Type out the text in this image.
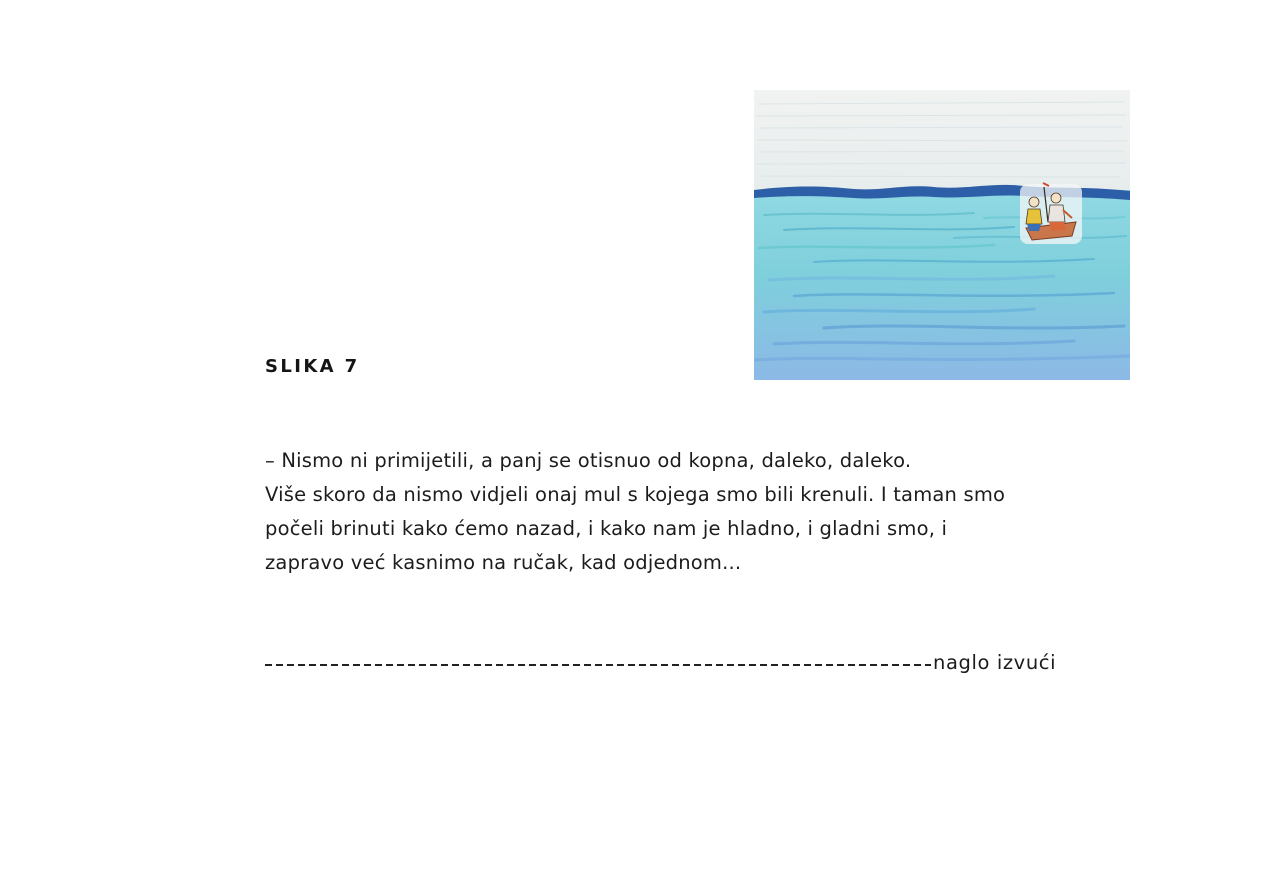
SLIKA 7
– Nismo ni primijetili, a panj se otisnuo od kopna, daleko, daleko.
Više skoro da nismo vidjeli onaj mul s kojega smo bili krenuli. I taman smo
počeli brinuti kako ćemo nazad, i kako nam je hladno, i gladni smo, i
zapravo već kasnimo na ručak, kad odjednom...
naglo izvući
